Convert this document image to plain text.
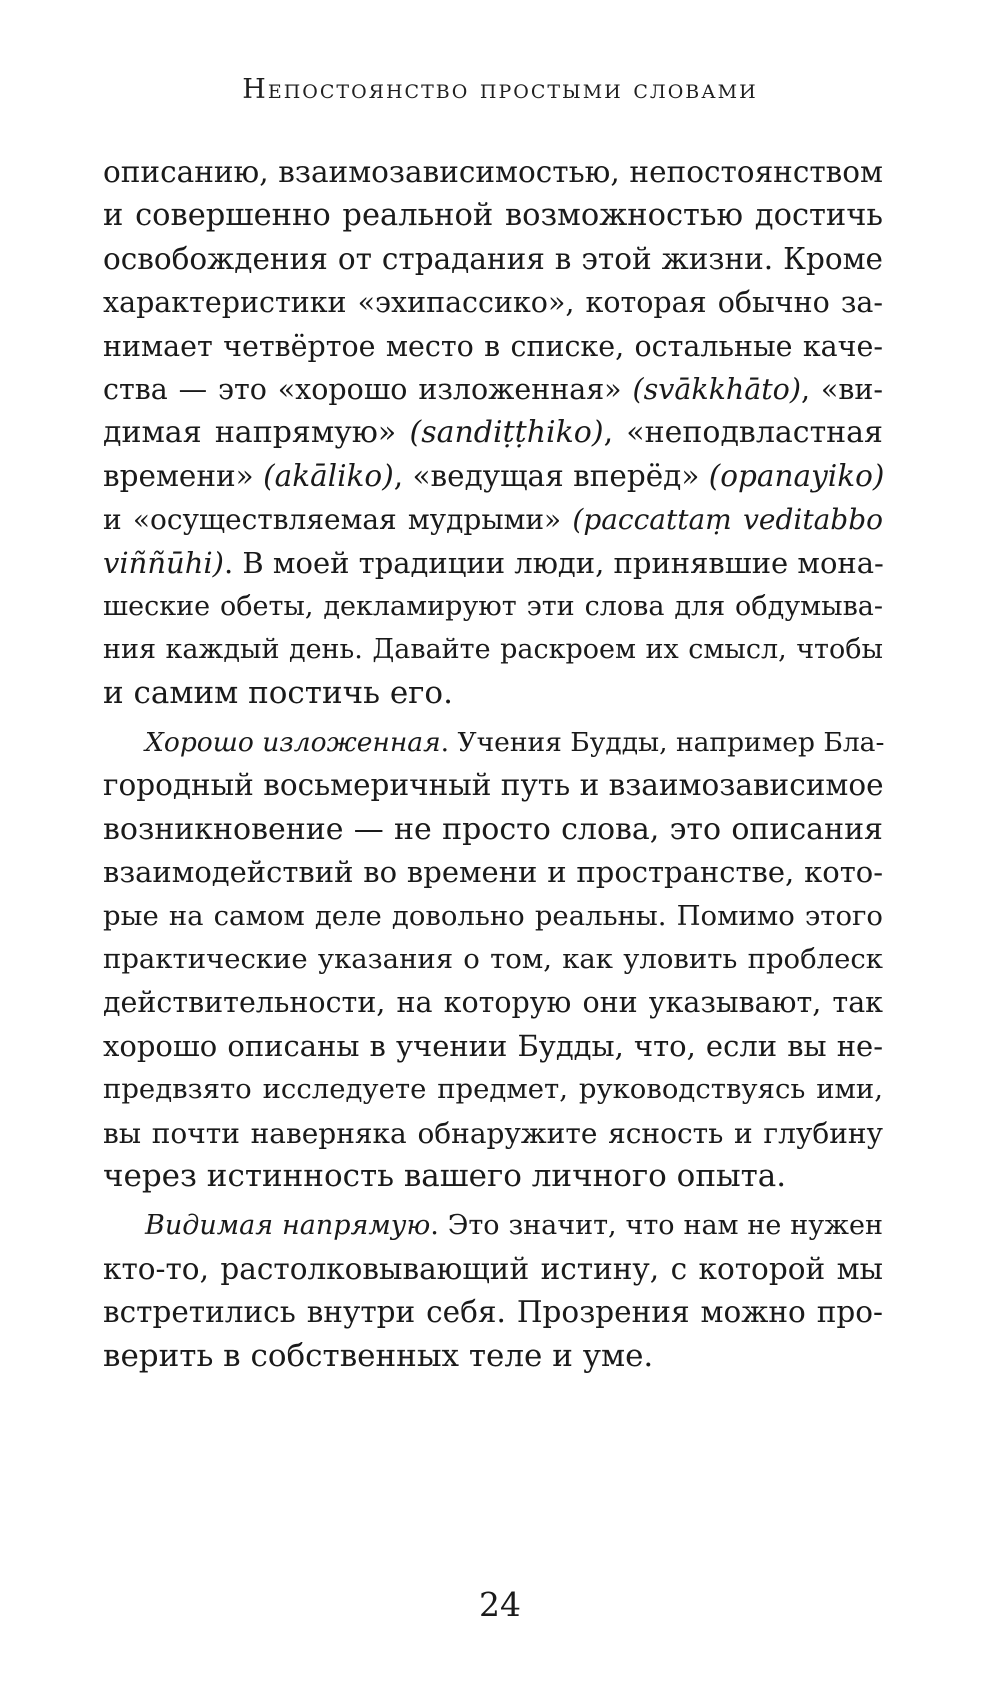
Непостоянство простыми словами
описанию, взаимозависимостью, непостоянством
и совершенно реальной возможностью достичь
освобождения от страдания в этой жизни. Кроме
характеристики «эхипассико», которая обычно за-
нимает четвёртое место в списке, остальные каче-
ства — это «хорошо изложенная» (svākkhāto), «ви-
димая напрямую» (sandiṭṭhiko), «неподвластная
времени» (akāliko), «ведущая вперёд» (opanayiko)
и «осуществляемая мудрыми» (paccattaṃ veditabbo
viññūhi). В моей традиции люди, принявшие мона-
шеские обеты, декламируют эти слова для обдумыва-
ния каждый день. Давайте раскроем их смысл, чтобы
и самим постичь его.
Хорошо изложенная. Учения Будды, например Бла-
городный восьмеричный путь и взаимозависимое
возникновение — не просто слова, это описания
взаимодействий во времени и пространстве, кото-
рые на самом деле довольно реальны. Помимо этого
практические указания о том, как уловить проблеск
действительности, на которую они указывают, так
хорошо описаны в учении Будды, что, если вы не-
предвзято исследуете предмет, руководствуясь ими,
вы почти наверняка обнаружите ясность и глубину
через истинность вашего личного опыта.
Видимая напрямую. Это значит, что нам не нужен
кто-то, растолковывающий истину, с которой мы
встретились внутри себя. Прозрения можно про-
верить в собственных теле и уме.
24
